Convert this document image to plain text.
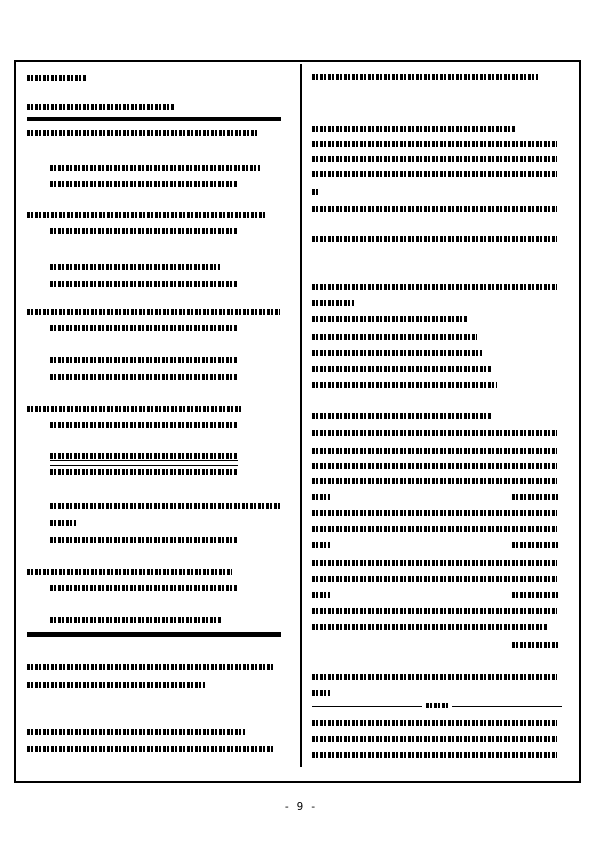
- 9 -
